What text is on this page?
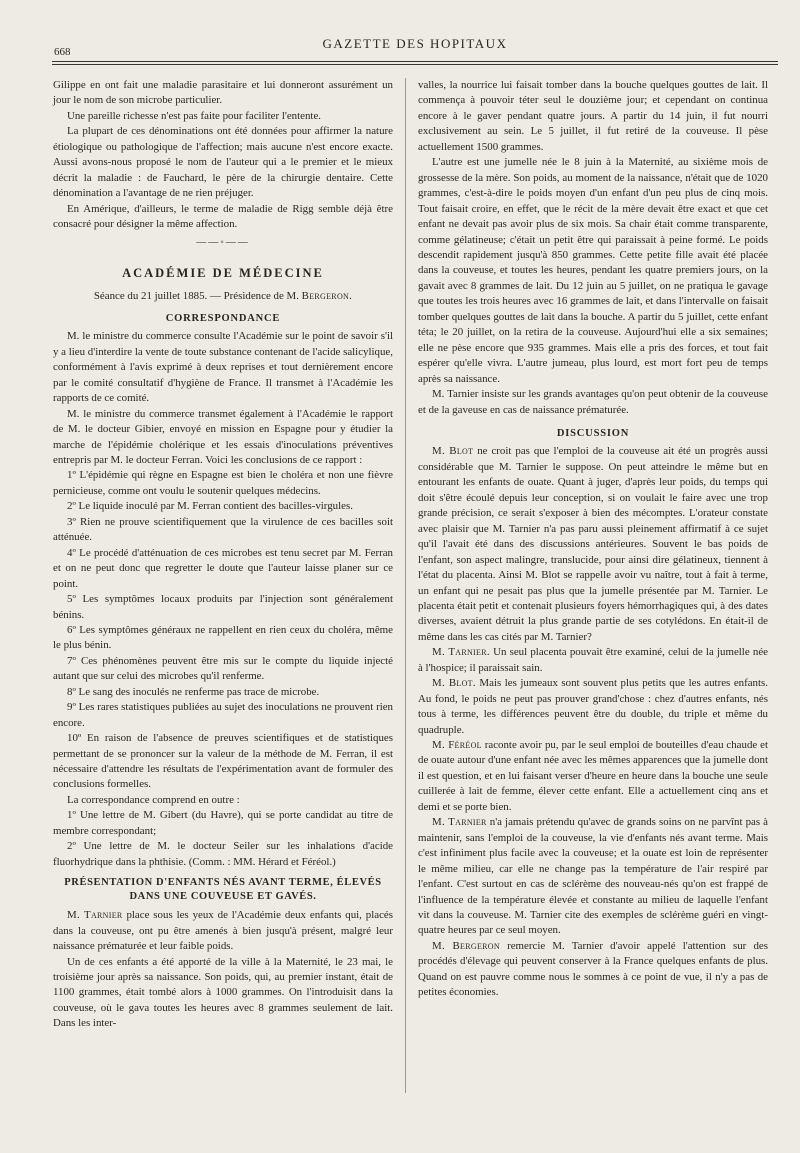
668
GAZETTE DES HOPITAUX

Gilippe en ont fait une maladie parasitaire et lui donneront assurément un jour le nom de son microbe particulier.

Une pareille richesse n'est pas faite pour faciliter l'entente.

La plupart de ces dénominations ont été données pour affirmer la nature étiologique ou pathologique de l'affection; mais aucune n'est encore exacte. Aussi avons-nous proposé le nom de l'auteur qui a le premier et le mieux décrit la maladie : de Fauchard, le père de la chirurgie dentaire. Cette dénomination a l'avantage de ne rien préjuger.

En Amérique, d'ailleurs, le terme de maladie de Rigg semble déjà être consacré pour désigner la même affection.

——◦——

ACADÉMIE DE MÉDECINE

Séance du 21 juillet 1885. — Présidence de M. Bergeron.

CORRESPONDANCE

M. le ministre du commerce consulte l'Académie sur le point de savoir s'il y a lieu d'interdire la vente de toute substance contenant de l'acide salicylique, conformément à l'avis exprimé à deux reprises et tout dernièrement encore par le comité consultatif d'hygiène de France. Il transmet à l'Académie les rapports de ce comité.

M. le ministre du commerce transmet également à l'Académie le rapport de M. le docteur Gibier, envoyé en mission en Espagne pour y étudier la marche de l'épidémie cholérique et les essais d'inoculations préventives entrepris par M. le docteur Ferran. Voici les conclusions de ce rapport :

1º L'épidémie qui règne en Espagne est bien le choléra et non une fièvre pernicieuse, comme ont voulu le soutenir quelques médecins.

2º Le liquide inoculé par M. Ferran contient des bacilles-virgules.

3º Rien ne prouve scientifiquement que la virulence de ces bacilles soit atténuée.

4º Le procédé d'atténuation de ces microbes est tenu secret par M. Ferran et on ne peut donc que regretter le doute que l'auteur laisse planer sur ce point.

5º Les symptômes locaux produits par l'injection sont généralement bénins.

6º Les symptômes généraux ne rappellent en rien ceux du choléra, même le plus bénin.

7º Ces phénomènes peuvent être mis sur le compte du liquide injecté autant que sur celui des microbes qu'il renferme.

8º Le sang des inoculés ne renferme pas trace de microbe.

9º Les rares statistiques publiées au sujet des inoculations ne prouvent rien encore.

10º En raison de l'absence de preuves scientifiques et de statistiques permettant de se prononcer sur la valeur de la méthode de M. Ferran, il est nécessaire d'attendre les résultats de l'expérimentation avant de formuler des conclusions formelles.

La correspondance comprend en outre :

1º Une lettre de M. Gibert (du Havre), qui se porte candidat au titre de membre correspondant;

2º Une lettre de M. le docteur Seiler sur les inhalations d'acide fluorhydrique dans la phthisie. (Comm. : MM. Hérard et Féréol.)

PRÉSENTATION D'ENFANTS NÉS AVANT TERME, ÉLEVÉS DANS UNE COUVEUSE ET GAVÉS.

M. Tarnier place sous les yeux de l'Académie deux enfants qui, placés dans la couveuse, ont pu être amenés à bien jusqu'à présent, malgré leur naissance prématurée et leur faible poids.

Un de ces enfants a été apporté de la ville à la Maternité, le 23 mai, le troisième jour après sa naissance. Son poids, qui, au premier instant, était de 1100 grammes, était tombé alors à 1000 grammes. On l'introduisit dans la couveuse, où le gava toutes les heures avec 8 grammes seulement de lait. Dans les inter-

valles, la nourrice lui faisait tomber dans la bouche quelques gouttes de lait. Il commença à pouvoir téter seul le douzième jour; et cependant on continua encore à le gaver pendant quatre jours. A partir du 14 juin, il fut nourri exclusivement au sein. Le 5 juillet, il fut retiré de la couveuse. Il pèse actuellement 1500 grammes.

L'autre est une jumelle née le 8 juin à la Maternité, au sixième mois de grossesse de la mère. Son poids, au moment de la naissance, n'était que de 1020 grammes, c'est-à-dire le poids moyen d'un enfant d'un peu plus de cinq mois. Tout faisait croire, en effet, que le récit de la mère devait être exact et que cet enfant ne devait pas avoir plus de six mois. Sa chair était comme transparente, comme gélatineuse; c'était un petit être qui paraissait à peine formé. Le poids descendit rapidement jusqu'à 850 grammes. Cette petite fille avait été placée dans la couveuse, et toutes les heures, pendant les quatre premiers jours, on la gavait avec 8 grammes de lait. Du 12 juin au 5 juillet, on ne pratiqua le gavage que toutes les trois heures avec 16 grammes de lait, et dans l'intervalle on faisait tomber quelques gouttes de lait dans la bouche. A partir du 5 juillet, cette enfant téta; le 20 juillet, on la retira de la couveuse. Aujourd'hui elle a six semaines; elle ne pèse encore que 935 grammes. Mais elle a pris des forces, et tout fait espérer qu'elle vivra. L'autre jumeau, plus lourd, est mort fort peu de temps après sa naissance.

M. Tarnier insiste sur les grands avantages qu'on peut obtenir de la couveuse et de la gaveuse en cas de naissance prématurée.

DISCUSSION

M. Blot ne croit pas que l'emploi de la couveuse ait été un progrès aussi considérable que M. Tarnier le suppose. On peut atteindre le même but en entourant les enfants de ouate. Quant à juger, d'après leur poids, du temps qui doit s'être écoulé depuis leur conception, si on voulait le faire avec une trop grande précision, ce serait s'exposer à bien des mécomptes. L'orateur constate avec plaisir que M. Tarnier n'a pas paru aussi pleinement affirmatif à ce sujet qu'il l'avait été dans des discussions antérieures. Souvent le bas poids de l'enfant, son aspect malingre, translucide, pour ainsi dire gélatineux, tiennent à l'état du placenta. Ainsi M. Blot se rappelle avoir vu naître, tout à fait à terme, un enfant qui ne pesait pas plus que la jumelle présentée par M. Tarnier. Le placenta était petit et contenait plusieurs foyers hémorrhagiques qui, à des dates diverses, avaient détruit la plus grande partie de ses cotylédons. En était-il de même dans les cas cités par M. Tarnier?

M. Tarnier. Un seul placenta pouvait être examiné, celui de la jumelle née à l'hospice; il paraissait sain.

M. Blot. Mais les jumeaux sont souvent plus petits que les autres enfants. Au fond, le poids ne peut pas prouver grand'chose : chez d'autres enfants, nés tous à terme, les différences peuvent être du double, du triple et même du quadruple.

M. Féréol raconte avoir pu, par le seul emploi de bouteilles d'eau chaude et de ouate autour d'une enfant née avec les mêmes apparences que la jumelle dont il est question, et en lui faisant verser d'heure en heure dans la bouche une seule cuillerée à lait de femme, élever cette enfant. Elle a actuellement cinq ans et demi et se porte bien.

M. Tarnier n'a jamais prétendu qu'avec de grands soins on ne parvînt pas à maintenir, sans l'emploi de la couveuse, la vie d'enfants nés avant terme. Mais c'est infiniment plus facile avec la couveuse; et la ouate est loin de représenter le même milieu, car elle ne change pas la température de l'air respiré par l'enfant. C'est surtout en cas de sclérème des nouveau-nés qu'on est frappé de l'influence de la température élevée et constante au milieu de laquelle l'enfant vit dans la couveuse. M. Tarnier cite des exemples de sclérème guéri en vingt-quatre heures par ce seul moyen.

M. Bergeron remercie M. Tarnier d'avoir appelé l'attention sur des procédés d'élevage qui peuvent conserver à la France quelques enfants de plus. Quand on est pauvre comme nous le sommes à ce point de vue, il n'y a pas de petites économies.
